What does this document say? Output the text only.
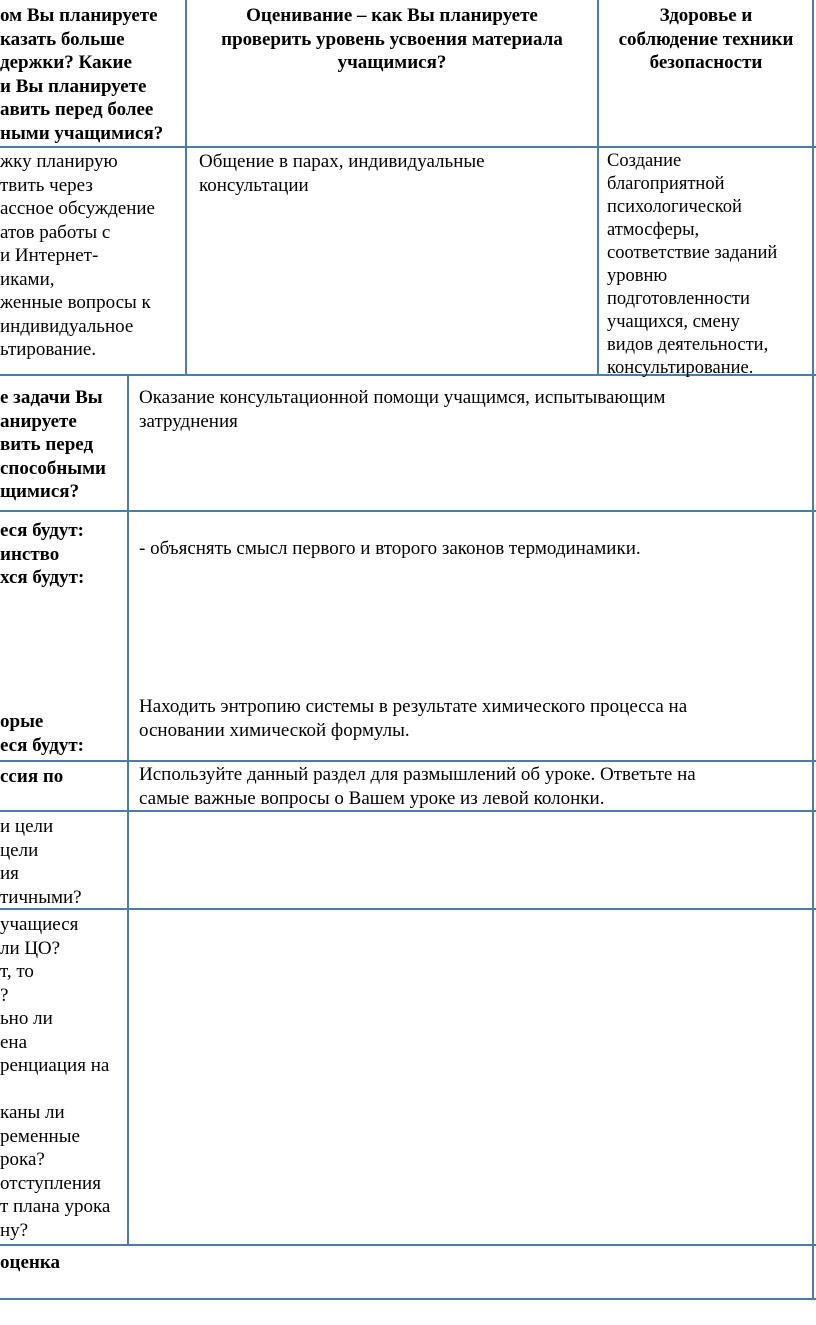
ом Вы планируете
казать больше
держки? Какие
и Вы планируете
авить перед более
ными учащимися?
Оценивание – как Вы планируете
проверить уровень усвоения материала
учащимися?
Здоровье и
соблюдение техники
безопасности
жку планирую
твить через
ассное обсуждение
атов работы с
и Интернет-
иками,
женные вопросы к
индивидуальное
ьтирование.
Общение в парах, индивидуальные
консультации
Создание
благоприятной
психологической
атмосферы,
соответствие заданий
уровню
подготовленности
учащихся, смену
видов деятельности,
консультирование.
е задачи Вы
анируете
вить перед
способными
щимися?
Оказание консультационной помощи учащимся, испытывающим
затруднения
еся будут:
инство
хся будут:
орые
еся будут:
- объяснять смысл первого и второго законов термодинамики.
Находить энтропию системы в результате химического процесса на
основании химической формулы.
ссия по	Используйте данный раздел для размышлений об уроке. Ответьте на
самые важные вопросы о Вашем уроке из левой колонки.
и цели
цели
ия
тичными?
учащиеся
ли ЦО?
т, то
?
ьно ли
ена
ренциация на

каны ли
ременные
рока?
отступления
т плана урока
ну?
оценка
